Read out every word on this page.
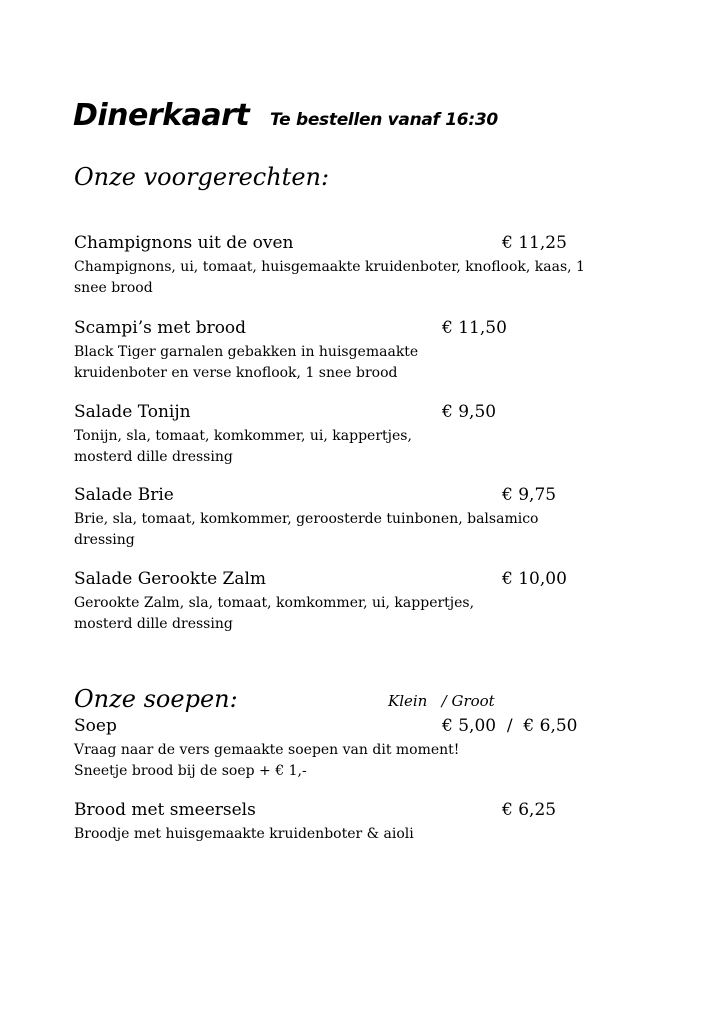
Dinerkaart Te bestellen vanaf 16:30
Onze voorgerechten:
Champignons uit de oven	€ 11,25
Champignons, ui, tomaat, huisgemaakte kruidenboter, knoflook, kaas, 1
snee brood
Scampi’s met brood	€ 11,50
Black Tiger garnalen gebakken in huisgemaakte
kruidenboter en verse knoflook, 1 snee brood
Salade Tonijn	€ 9,50
Tonijn, sla, tomaat, komkommer, ui, kappertjes,
mosterd dille dressing
Salade Brie	€ 9,75
Brie, sla, tomaat, komkommer, geroosterde tuinbonen, balsamico
dressing
Salade Gerookte Zalm	€ 10,00
Gerookte Zalm, sla, tomaat, komkommer, ui, kappertjes,
mosterd dille dressing
Onze soepen:	Klein   / Groot
Soep	€ 5,00  /  € 6,50
Vraag naar de vers gemaakte soepen van dit moment!
Sneetje brood bij de soep + € 1,-
Brood met smeersels	€ 6,25
Broodje met huisgemaakte kruidenboter & aioli
